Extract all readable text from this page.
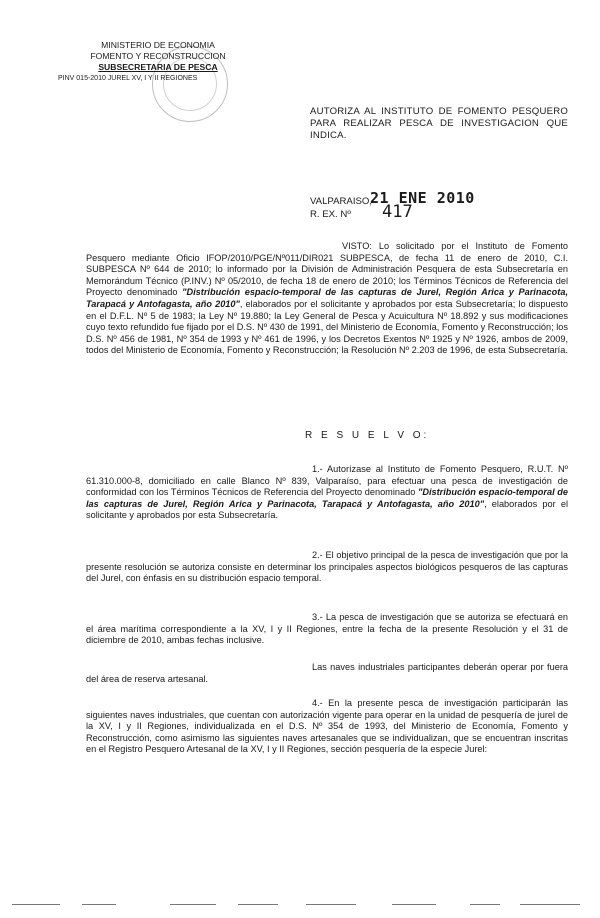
MINISTERIO DE ECONOMIA
FOMENTO Y RECONSTRUCCION
SUBSECRETARIA DE PESCA
PINV 015-2010 JUREL XV, I Y II REGIONES
AUTORIZA AL INSTITUTO DE FOMENTO PESQUERO PARA REALIZAR PESCA DE INVESTIGACION QUE INDICA.
VALPARAISO,
21 ENE 2010
R. EX. Nº 417

VISTO: Lo solicitado por el Instituto de Fomento Pesquero mediante Oficio IFOP/2010/PGE/Nº011/DIR021 SUBPESCA, de fecha 11 de enero de 2010, C.I. SUBPESCA Nº 644 de 2010; lo informado por la División de Administración Pesquera de esta Subsecretaría en Memorándum Técnico (P.INV.) Nº 05/2010, de fecha 18 de enero de 2010; los Términos Técnicos de Referencia del Proyecto denominado "Distribución espacio-temporal de las capturas de Jurel, Región Arica y Parinacota, Tarapacá y Antofagasta, año 2010", elaborados por el solicitante y aprobados por esta Subsecretaría; lo dispuesto en el D.F.L. Nº 5 de 1983; la Ley Nº 19.880; la Ley General de Pesca y Acuicultura Nº 18.892 y sus modificaciones cuyo texto refundido fue fijado por el D.S. Nº 430 de 1991, del Ministerio de Economía, Fomento y Reconstrucción; los D.S. Nº 456 de 1981, Nº 354 de 1993 y Nº 461 de 1996, y los Decretos Exentos Nº 1925 y Nº 1926, ambos de 2009, todos del Ministerio de Economía, Fomento y Reconstrucción; la Resolución Nº 2.203 de 1996, de esta Subsecretaría.

R E S U E L V O:

1.- Autorízase al Instituto de Fomento Pesquero, R.U.T. Nº 61.310.000-8, domiciliado en calle Blanco Nº 839, Valparaíso, para efectuar una pesca de investigación de conformidad con los Términos Técnicos de Referencia del Proyecto denominado "Distribución espacio-temporal de las capturas de Jurel, Región Arica y Parinacota, Tarapacá y Antofagasta, año 2010", elaborados por el solicitante y aprobados por esta Subsecretaría.

2.- El objetivo principal de la pesca de investigación que por la presente resolución se autoriza consiste en determinar los principales aspectos biológicos pesqueros de las capturas del Jurel, con énfasis en su distribución espacio temporal.

3.- La pesca de investigación que se autoriza se efectuará en el área marítima correspondiente a la XV, I y II Regiones, entre la fecha de la presente Resolución y el 31 de diciembre de 2010, ambas fechas inclusive.

Las naves industriales participantes deberán operar por fuera del área de reserva artesanal.

4.- En la presente pesca de investigación participarán las siguientes naves industriales, que cuentan con autorización vigente para operar en la unidad de pesquería de jurel de la XV, I y II Regiones, individualizada en el D.S. Nº 354 de 1993, del Ministerio de Economía, Fomento y Reconstrucción, como asimismo las siguientes naves artesanales que se individualizan, que se encuentran inscritas en el Registro Pesquero Artesanal de la XV, I y II Regiones, sección pesquería de la especie Jurel:
